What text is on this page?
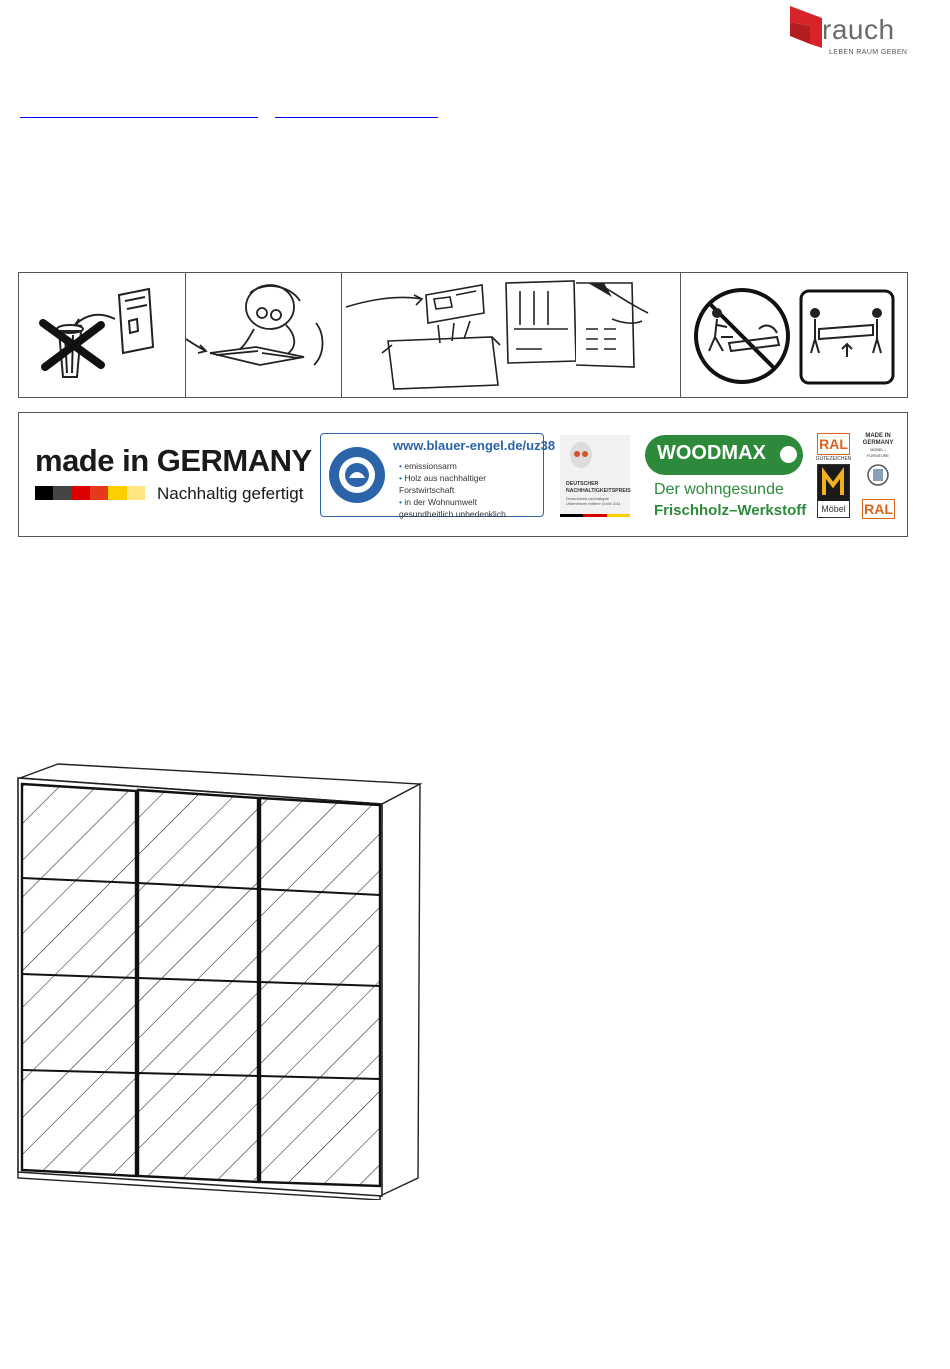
rauch
LEBEN RAUM GEBEN
made in GERMANY
Nachhaltig gefertigt
www.blauer-engel.de/uz38
• emissionsarm
• Holz aus nachhaltiger Forstwirtschaft
• in der Wohnumwelt gesundheitlich unbedenklich
DEUTSCHER
NACHHALTIGKEITSPREIS
Deutschlands nachhaltigste Unternehmen mittlerer Größe 2014
WOODMAX
Der wohngesunde
Frischholz–Werkstoff
RAL
GÜTEZEICHEN
Möbel
MADE IN
GERMANY
MÖBEL • FURNITURE
RAL
